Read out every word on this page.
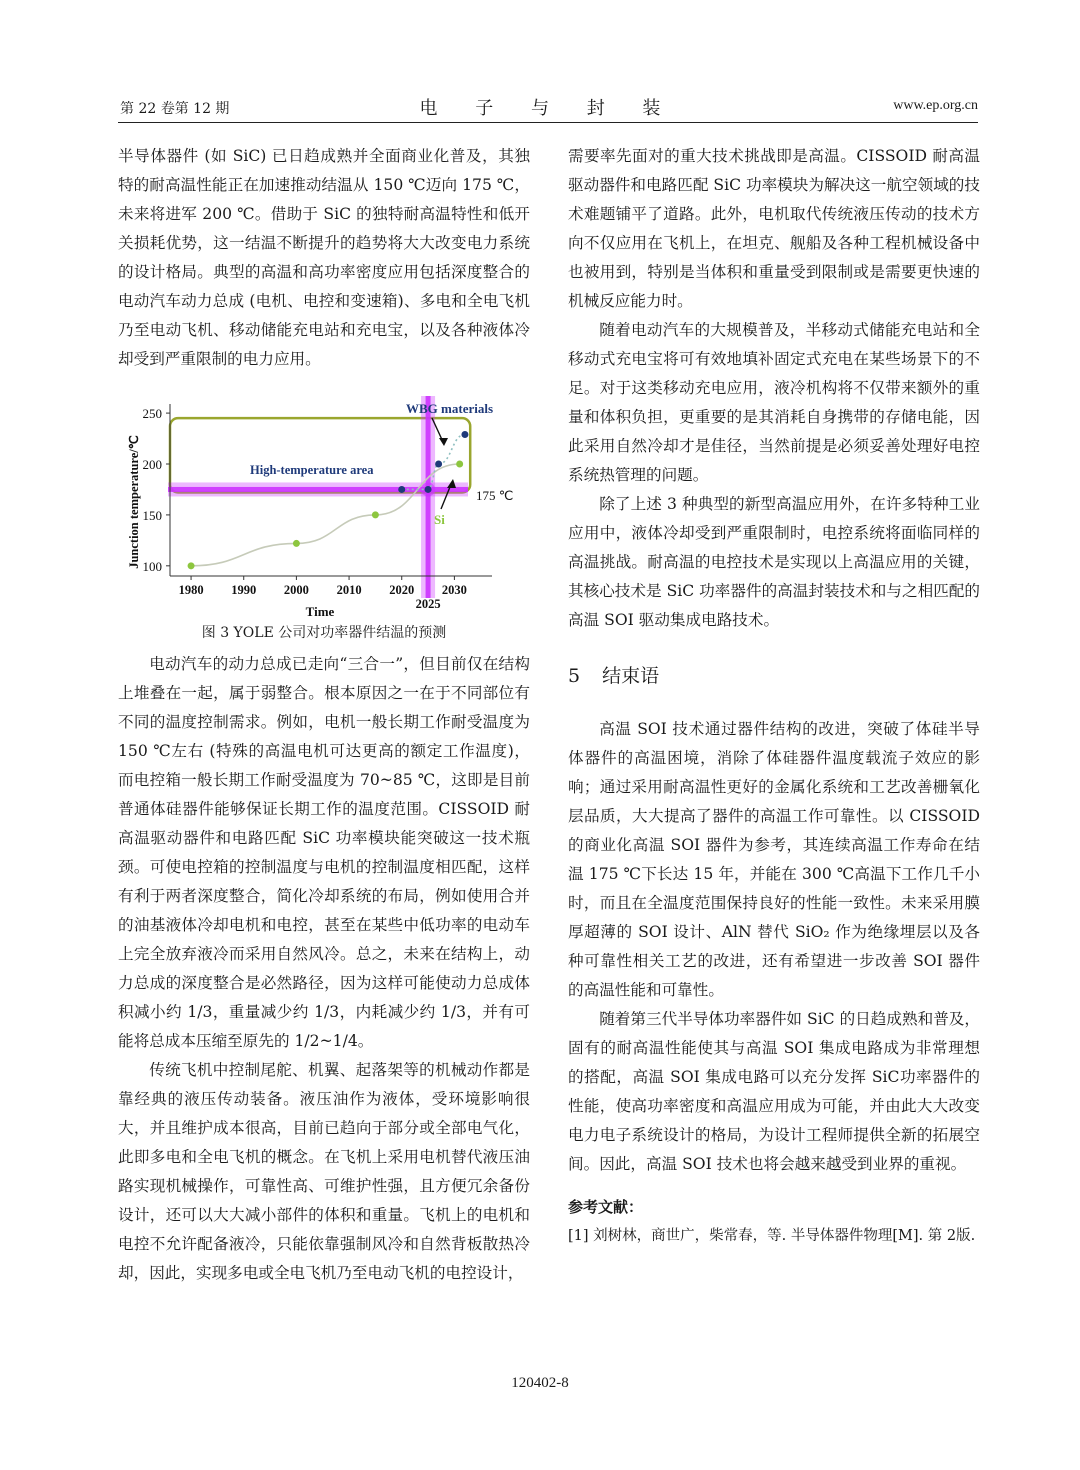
第 22 卷第 12 期	电 子 与 封 装	www.ep.org.cn

半导体器件 (如 SiC) 已日趋成熟并全面商业化普及，其独特的耐高温性能正在加速推动结温从 150 ℃迈向 175 ℃，未来将进军 200 ℃。借助于 SiC 的独特耐高温特性和低开关损耗优势，这一结温不断提升的趋势将大大改变电力系统的设计格局。典型的高温和高功率密度应用包括深度整合的电动汽车动力总成 (电机、电控和变速箱)、多电和全电飞机乃至电动飞机、移动储能充电站和充电宝，以及各种液体冷却受到严重限制的电力应用。

100
150
200
250
1980 1990 2000 2010 2020 2030
2025
Time
Junction temperature/℃	High-temperature area
175 ℃
WBG materials
Si
图 3 YOLE 公司对功率器件结温的预测

电动汽车的动力总成已走向“三合一”，但目前仅在结构上堆叠在一起，属于弱整合。根本原因之一在于不同部位有不同的温度控制需求。例如，电机一般长期工作耐受温度为 150 ℃左右 (特殊的高温电机可达更高的额定工作温度)，而电控箱一般长期工作耐受温度为 70~85 ℃，这即是目前普通体硅器件能够保证长期工作的温度范围。CISSOID 耐高温驱动器件和电路匹配 SiC 功率模块能突破这一技术瓶颈。可使电控箱的控制温度与电机的控制温度相匹配，这样有利于两者深度整合，简化冷却系统的布局，例如使用合并的油基液体冷却电机和电控，甚至在某些中低功率的电动车上完全放弃液冷而采用自然风冷。总之，未来在结构上，动力总成的深度整合是必然路径，因为这样可能使动力总成体积减小约 1/3，重量减少约 1/3，内耗减少约 1/3，并有可能将总成本压缩至原先的 1/2~1/4。

传统飞机中控制尾舵、机翼、起落架等的机械动作都是靠经典的液压传动装备。液压油作为液体，受环境影响很大，并且维护成本很高，目前已趋向于部分或全部电气化，此即多电和全电飞机的概念。在飞机上采用电机替代液压油路实现机械操作，可靠性高、可维护性强，且方便冗余备份设计，还可以大大减小部件的体积和重量。飞机上的电机和电控不允许配备液冷，只能依靠强制风冷和自然背板散热冷却，因此，实现多电或全电飞机乃至电动飞机的电控设计，

需要率先面对的重大技术挑战即是高温。CISSOID 耐高温驱动器件和电路匹配 SiC 功率模块为解决这一航空领域的技术难题铺平了道路。此外，电机取代传统液压传动的技术方向不仅应用在飞机上，在坦克、舰船及各种工程机械设备中也被用到，特别是当体积和重量受到限制或是需要更快速的机械反应能力时。

随着电动汽车的大规模普及，半移动式储能充电站和全移动式充电宝将可有效地填补固定式充电在某些场景下的不足。对于这类移动充电应用，液冷机构将不仅带来额外的重量和体积负担，更重要的是其消耗自身携带的存储电能，因此采用自然冷却才是佳径，当然前提是必须妥善处理好电控系统热管理的问题。

除了上述 3 种典型的新型高温应用外，在许多特种工业应用中，液体冷却受到严重限制时，电控系统将面临同样的高温挑战。耐高温的电控技术是实现以上高温应用的关键，其核心技术是 SiC 功率器件的高温封装技术和与之相匹配的高温 SOI 驱动集成电路技术。

5 结束语

高温 SOI 技术通过器件结构的改进，突破了体硅半导体器件的高温困境，消除了体硅器件温度载流子效应的影响；通过采用耐高温性更好的金属化系统和工艺改善栅氧化层品质，大大提高了器件的高温工作可靠性。以 CISSOID 的商业化高温 SOI 器件为参考，其连续高温工作寿命在结温 175 ℃下长达 15 年，并能在 300 ℃高温下工作几千小时，而且在全温度范围保持良好的性能一致性。未来采用膜厚超薄的 SOI 设计、AlN 替代 SiO₂ 作为绝缘埋层以及各种可靠性相关工艺的改进，还有希望进一步改善 SOI 器件的高温性能和可靠性。

随着第三代半导体功率器件如 SiC 的日趋成熟和普及，固有的耐高温性能使其与高温 SOI 集成电路成为非常理想的搭配，高温 SOI 集成电路可以充分发挥 SiC功率器件的性能，使高功率密度和高温应用成为可能，并由此大大改变电力电子系统设计的格局，为设计工程师提供全新的拓展空间。因此，高温 SOI 技术也将会越来越受到业界的重视。

参考文献：

[1] 刘树林，商世广，柴常春，等. 半导体器件物理[M]. 第 2版.

120402-8
